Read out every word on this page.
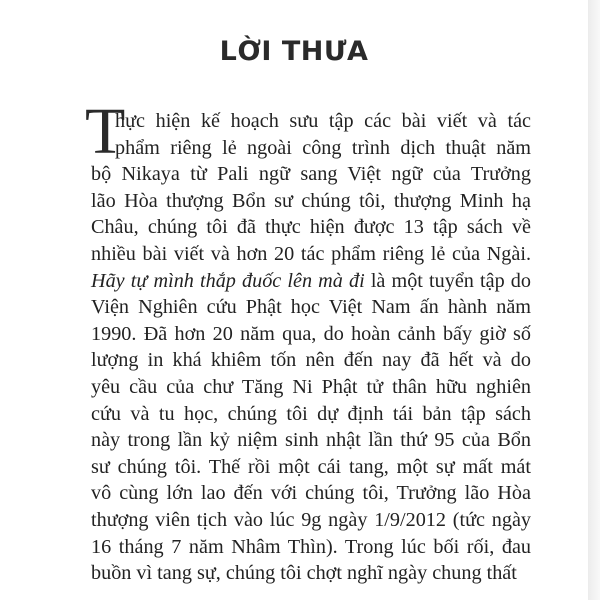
LỜI THƯA
T
hực hiện kế hoạch sưu tập các bài viết và tác
phẩm riêng lẻ ngoài công trình dịch thuật năm
bộ Nikaya từ Pali ngữ sang Việt ngữ của Trưởng
lão Hòa thượng Bổn sư chúng tôi, thượng Minh hạ
Châu, chúng tôi đã thực hiện được 13 tập sách về
nhiều bài viết và hơn 20 tác phẩm riêng lẻ của Ngài.
Hãy tự mình thắp đuốc lên mà đi là một tuyển tập do
Viện Nghiên cứu Phật học Việt Nam ấn hành năm
1990. Đã hơn 20 năm qua, do hoàn cảnh bấy giờ số
lượng in khá khiêm tốn nên đến nay đã hết và do
yêu cầu của chư Tăng Ni Phật tử thân hữu nghiên
cứu và tu học, chúng tôi dự định tái bản tập sách
này trong lần kỷ niệm sinh nhật lần thứ 95 của Bổn
sư chúng tôi. Thế rồi một cái tang, một sự mất mát
vô cùng lớn lao đến với chúng tôi, Trưởng lão Hòa
thượng viên tịch vào lúc 9g ngày 1/9/2012 (tức ngày
16 tháng 7 năm Nhâm Thìn). Trong lúc bối rối, đau
buồn vì tang sự, chúng tôi chợt nghĩ ngày chung thất
